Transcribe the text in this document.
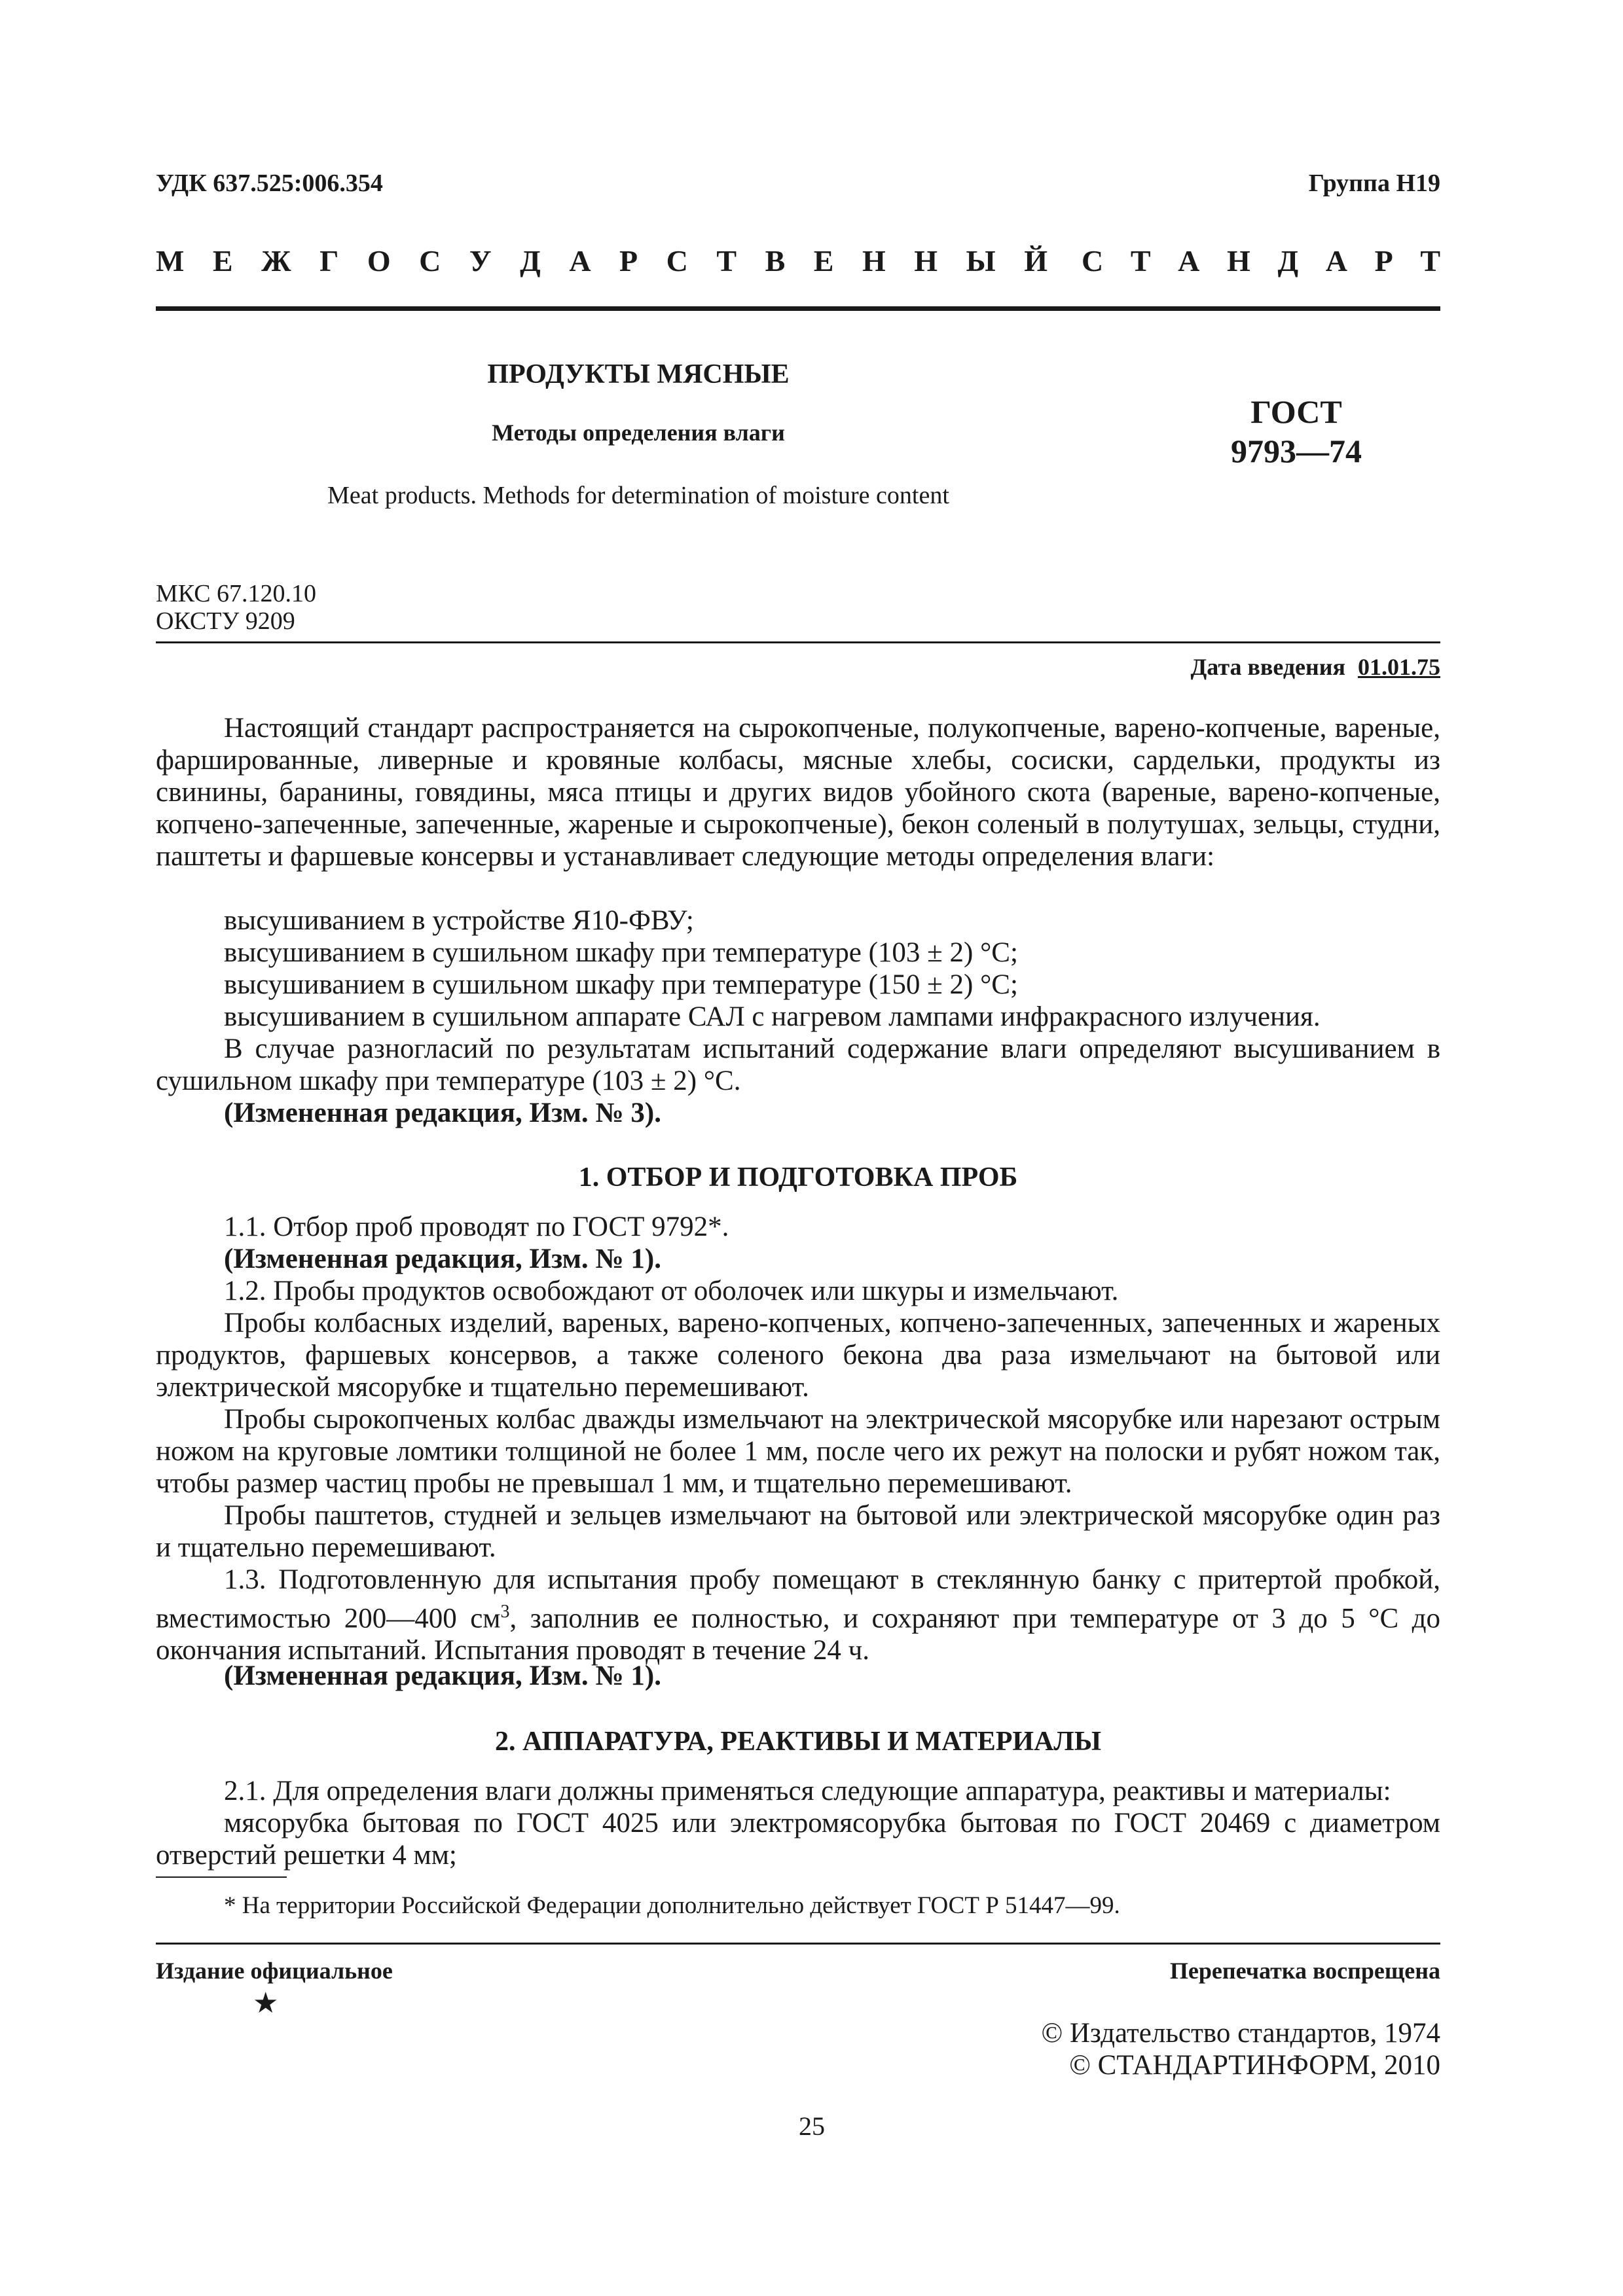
УДК 637.525:006.354	Группа Н19
М Е Ж Г О С У Д А Р С Т В Е Н Н Ы Й С Т А Н Д А Р Т
ПРОДУКТЫ МЯСНЫЕ
Методы определения влаги
Meat products. Methods for determination of moisture content
ГОСТ
9793—74
МКС 67.120.10
ОКСТУ 9209
Дата введения 01.01.75

Настоящий стандарт распространяется на сырокопченые, полукопченые, варено-копченые, вареные, фаршированные, ливерные и кровяные колбасы, мясные хлебы, сосиски, сардельки, продукты из свинины, баранины, говядины, мяса птицы и других видов убойного скота (вареные, варено-копченые, копчено-запеченные, запеченные, жареные и сырокопченые), бекон соленый в полутушах, зельцы, студни, паштеты и фаршевые консервы и устанавливает следующие методы определения влаги:

высушиванием в устройстве Я10-ФВУ;
высушиванием в сушильном шкафу при температуре (103 ± 2) °С;
высушиванием в сушильном шкафу при температуре (150 ± 2) °С;
высушиванием в сушильном аппарате САЛ с нагревом лампами инфракрасного излучения.

В случае разногласий по результатам испытаний содержание влаги определяют высушиванием в сушильном шкафу при температуре (103 ± 2) °С.

(Измененная редакция, Изм. № 3).
1. ОТБОР И ПОДГОТОВКА ПРОБ
1.1. Отбор проб проводят по ГОСТ 9792*.
(Измененная редакция, Изм. № 1).
1.2. Пробы продуктов освобождают от оболочек или шкуры и измельчают.

Пробы колбасных изделий, вареных, варено-копченых, копчено-запеченных, запеченных и жареных продуктов, фаршевых консервов, а также соленого бекона два раза измельчают на бытовой или электрической мясорубке и тщательно перемешивают.

Пробы сырокопченых колбас дважды измельчают на электрической мясорубке или нарезают острым ножом на круговые ломтики толщиной не более 1 мм, после чего их режут на полоски и рубят ножом так, чтобы размер частиц пробы не превышал 1 мм, и тщательно перемешивают.

Пробы паштетов, студней и зельцев измельчают на бытовой или электрической мясорубке один раз и тщательно перемешивают.

1.3. Подготовленную для испытания пробу помещают в стеклянную банку с притертой пробкой, вместимостью 200—400 $см^3$, заполнив ее полностью, и сохраняют при температуре от 3 до 5 °С до окончания испытаний. Испытания проводят в течение 24 ч.

(Измененная редакция, Изм. № 1).
2. АППАРАТУРА, РЕАКТИВЫ И МАТЕРИАЛЫ
2.1. Для определения влаги должны применяться следующие аппаратура, реактивы и материалы:

мясорубка бытовая по ГОСТ 4025 или электромясорубка бытовая по ГОСТ 20469 с диаметром отверстий решетки 4 мм;

* На территории Российской Федерации дополнительно действует ГОСТ Р 51447—99.
Издание официальное
★
Перепечатка воспрещена
© Издательство стандартов, 1974
© СТАНДАРТИНФОРМ, 2010
25
